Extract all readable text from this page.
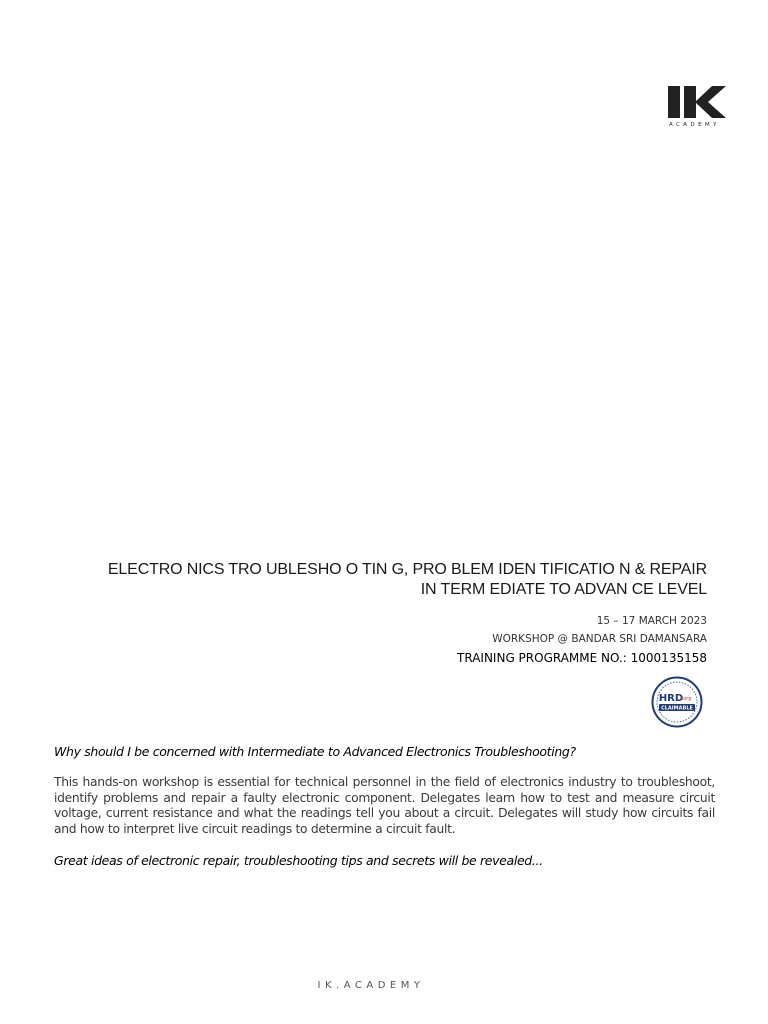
ACADEMY
ELECTRO NICS TRO UBLESHO O TIN G, PRO BLEM IDEN TIFICATIO N & REPAIR
IN TERM EDIATE TO ADVAN CE LEVEL
15 – 17 MARCH 2023
WORKSHOP @ BANDAR SRI DAMANSARA
TRAINING PROGRAMME NO.: 1000135158
HRD
corp
CLAIMABLE

Why should I be concerned with Intermediate to Advanced Electronics Troubleshooting?

This hands-on workshop is essential for technical personnel in the field of electronics industry to troubleshoot, identify problems and repair a faulty electronic component. Delegates learn how to test and measure circuit voltage, current resistance and what the readings tell you about a circuit. Delegates will study how circuits fail and how to interpret live circuit readings to determine a circuit fault.

Great ideas of electronic repair, troubleshooting tips and secrets will be revealed...

IK.ACADEMY
